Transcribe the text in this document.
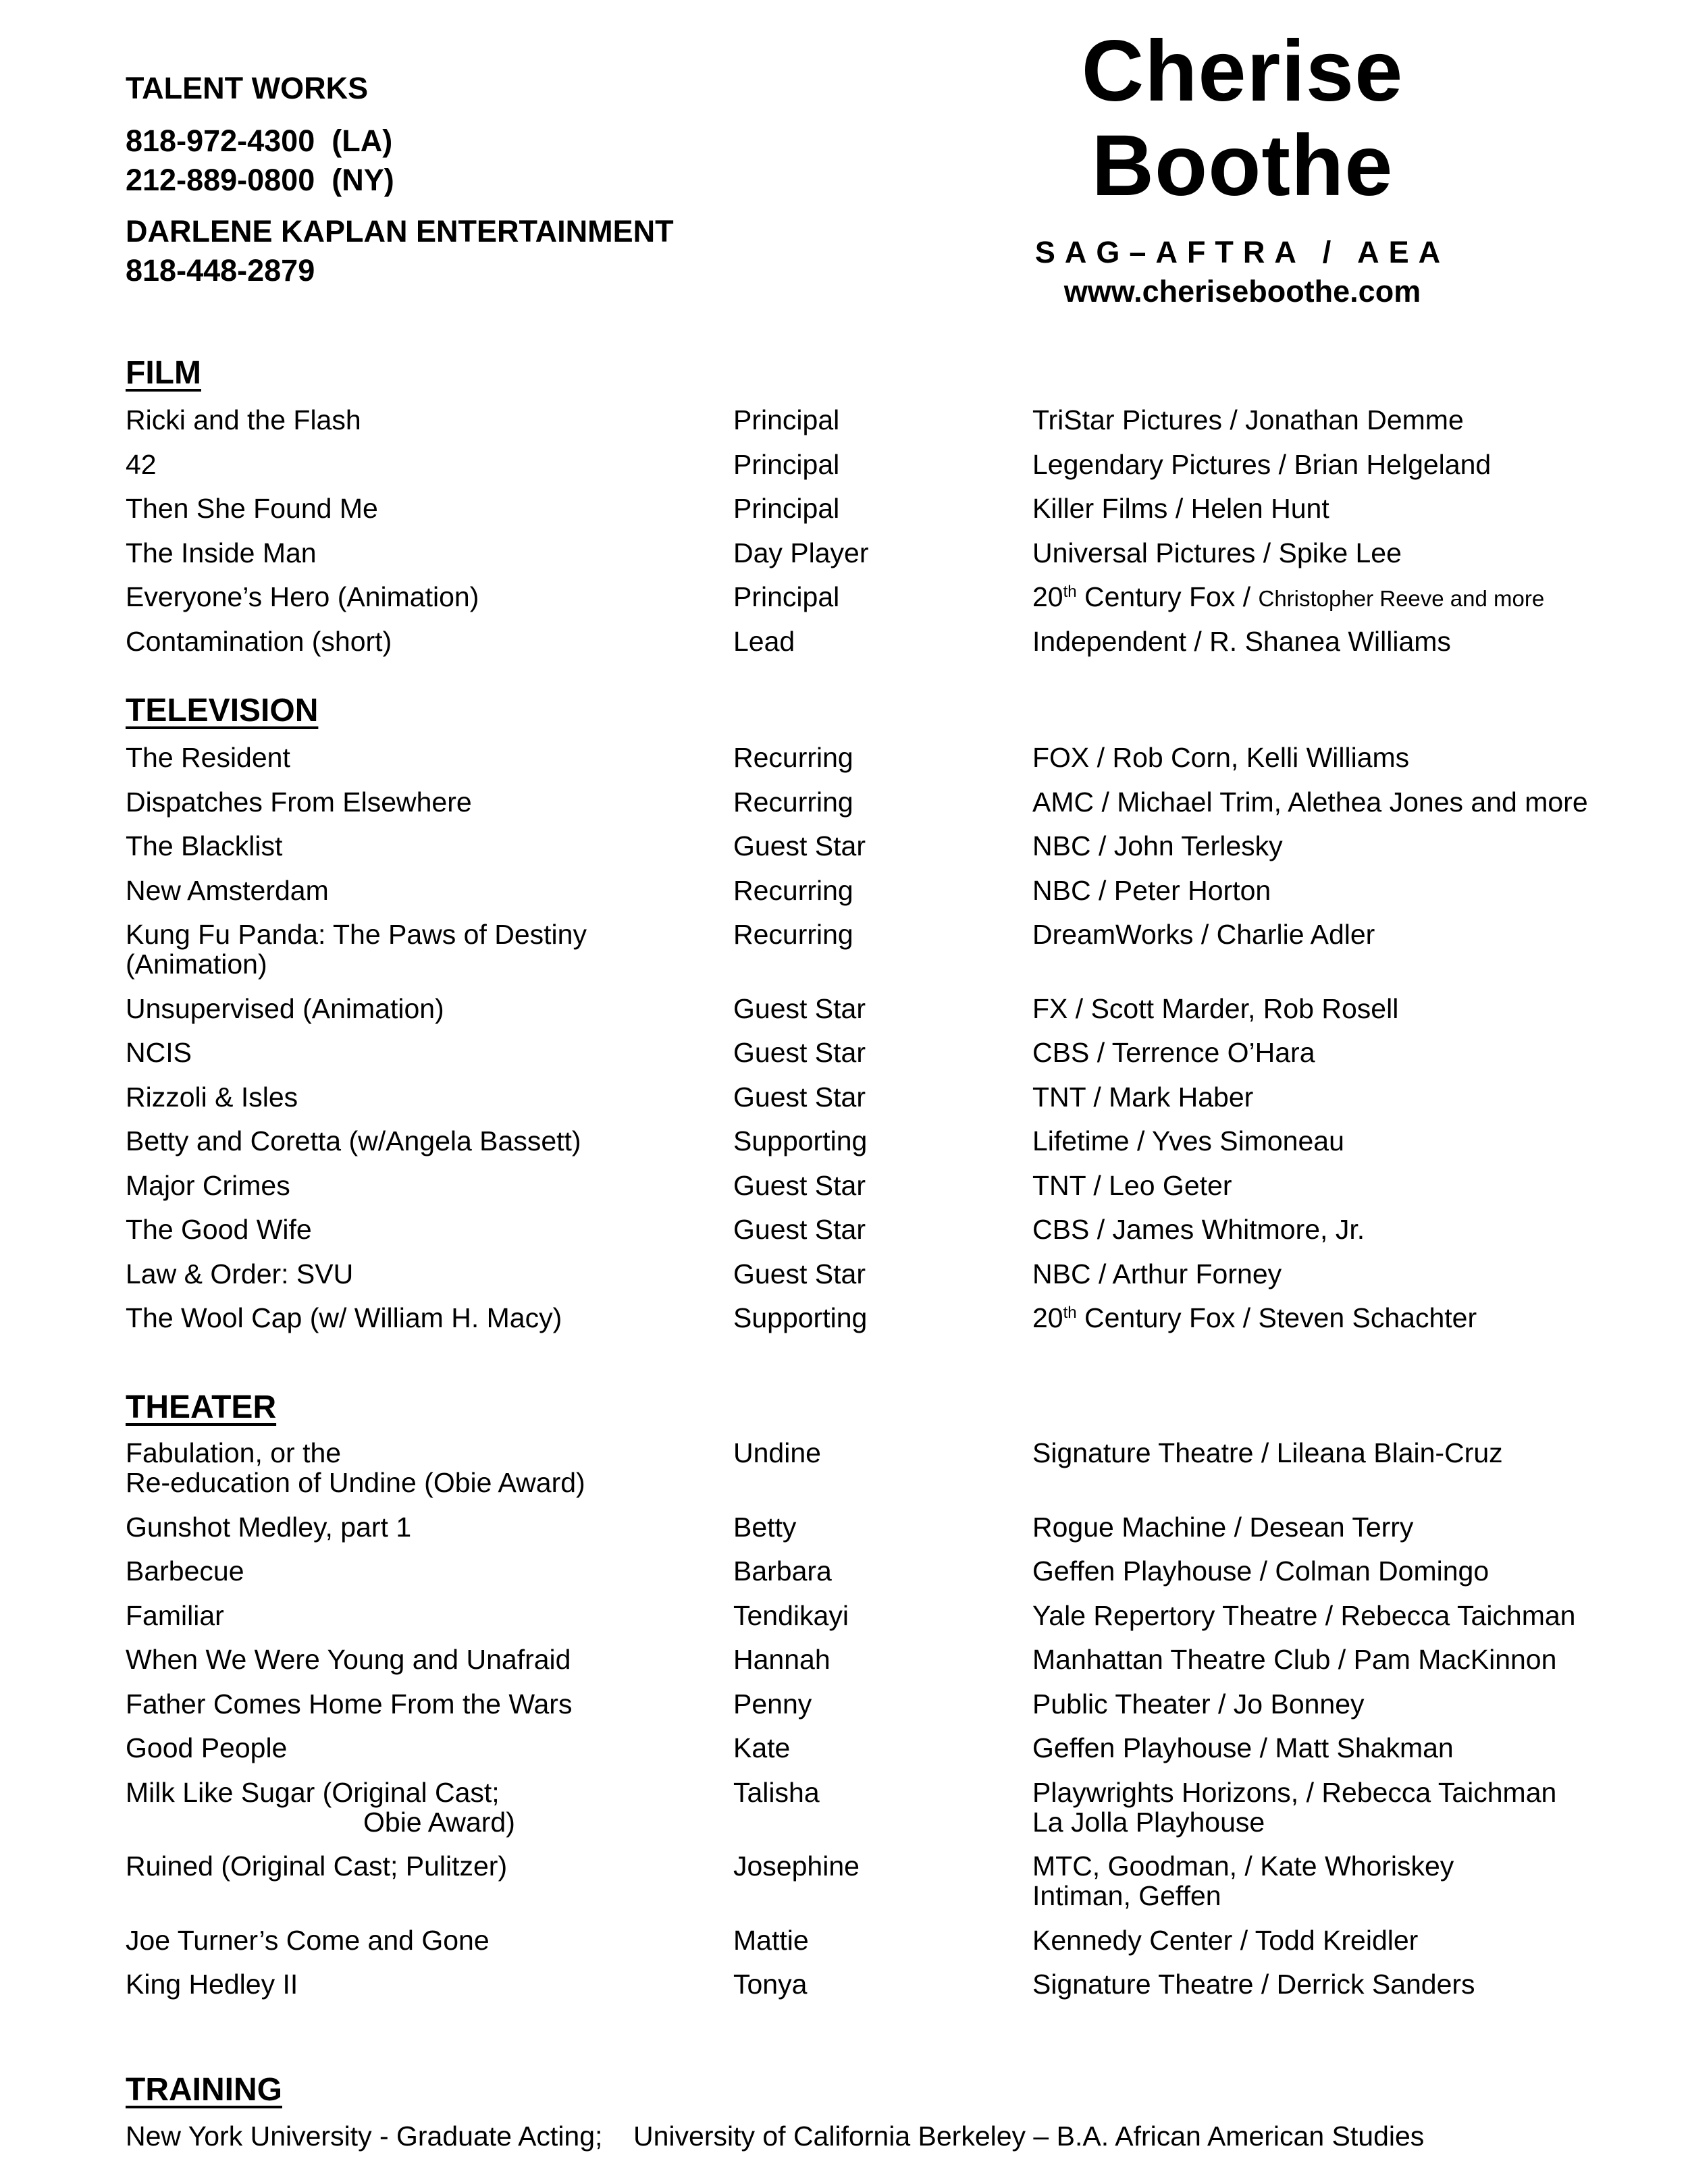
TALENT WORKS
818-972-4300  (LA)
212-889-0800  (NY)
DARLENE KAPLAN ENTERTAINMENT
818-448-2879
Cherise Boothe
SAG–AFTRA / AEA
www.cheriseboothe.com
FILM
Ricki and the Flash	Principal	TriStar Pictures / Jonathan Demme
42	Principal	Legendary Pictures / Brian Helgeland
Then She Found Me	Principal	Killer Films / Helen Hunt
The Inside Man	Day Player	Universal Pictures / Spike Lee
Everyone’s Hero (Animation)	Principal	20th Century Fox / Christopher Reeve and more
Contamination (short)	Lead	Independent / R. Shanea Williams
TELEVISION
The Resident	Recurring	FOX / Rob Corn, Kelli Williams
Dispatches From Elsewhere	Recurring	AMC / Michael Trim, Alethea Jones and more
The Blacklist	Guest Star	NBC / John Terlesky
New Amsterdam	Recurring	NBC / Peter Horton
Kung Fu Panda: The Paws of Destiny
(Animation)
Recurring	DreamWorks / Charlie Adler
Unsupervised (Animation)	Guest Star	FX / Scott Marder, Rob Rosell
NCIS	Guest Star	CBS / Terrence O’Hara
Rizzoli & Isles	Guest Star	TNT / Mark Haber
Betty and Coretta (w/Angela Bassett)	Supporting	Lifetime / Yves Simoneau
Major Crimes	Guest Star	TNT / Leo Geter
The Good Wife	Guest Star	CBS / James Whitmore, Jr.
Law & Order: SVU	Guest Star	NBC / Arthur Forney
The Wool Cap (w/ William H. Macy)	Supporting	20th Century Fox / Steven Schachter
THEATER
Fabulation, or the
Re-education of Undine (Obie Award)
Undine	Signature Theatre / Lileana Blain-Cruz
Gunshot Medley, part 1	Betty	Rogue Machine / Desean Terry
Barbecue	Barbara	Geffen Playhouse / Colman Domingo
Familiar	Tendikayi	Yale Repertory Theatre / Rebecca Taichman
When We Were Young and Unafraid	Hannah	Manhattan Theatre Club / Pam MacKinnon
Father Comes Home From the Wars	Penny	Public Theater / Jo Bonney
Good People	Kate	Geffen Playhouse / Matt Shakman
Milk Like Sugar (Original Cast;
Obie Award)
Talisha	Playwrights Horizons, / Rebecca Taichman
La Jolla Playhouse
Ruined (Original Cast; Pulitzer)	Josephine	MTC, Goodman, / Kate Whoriskey
Intiman, Geffen
Joe Turner’s Come and Gone	Mattie	Kennedy Center / Todd Kreidler
King Hedley II	Tonya	Signature Theatre / Derrick Sanders
TRAINING
New York University - Graduate Acting;    University of California Berkeley – B.A. African American Studies
